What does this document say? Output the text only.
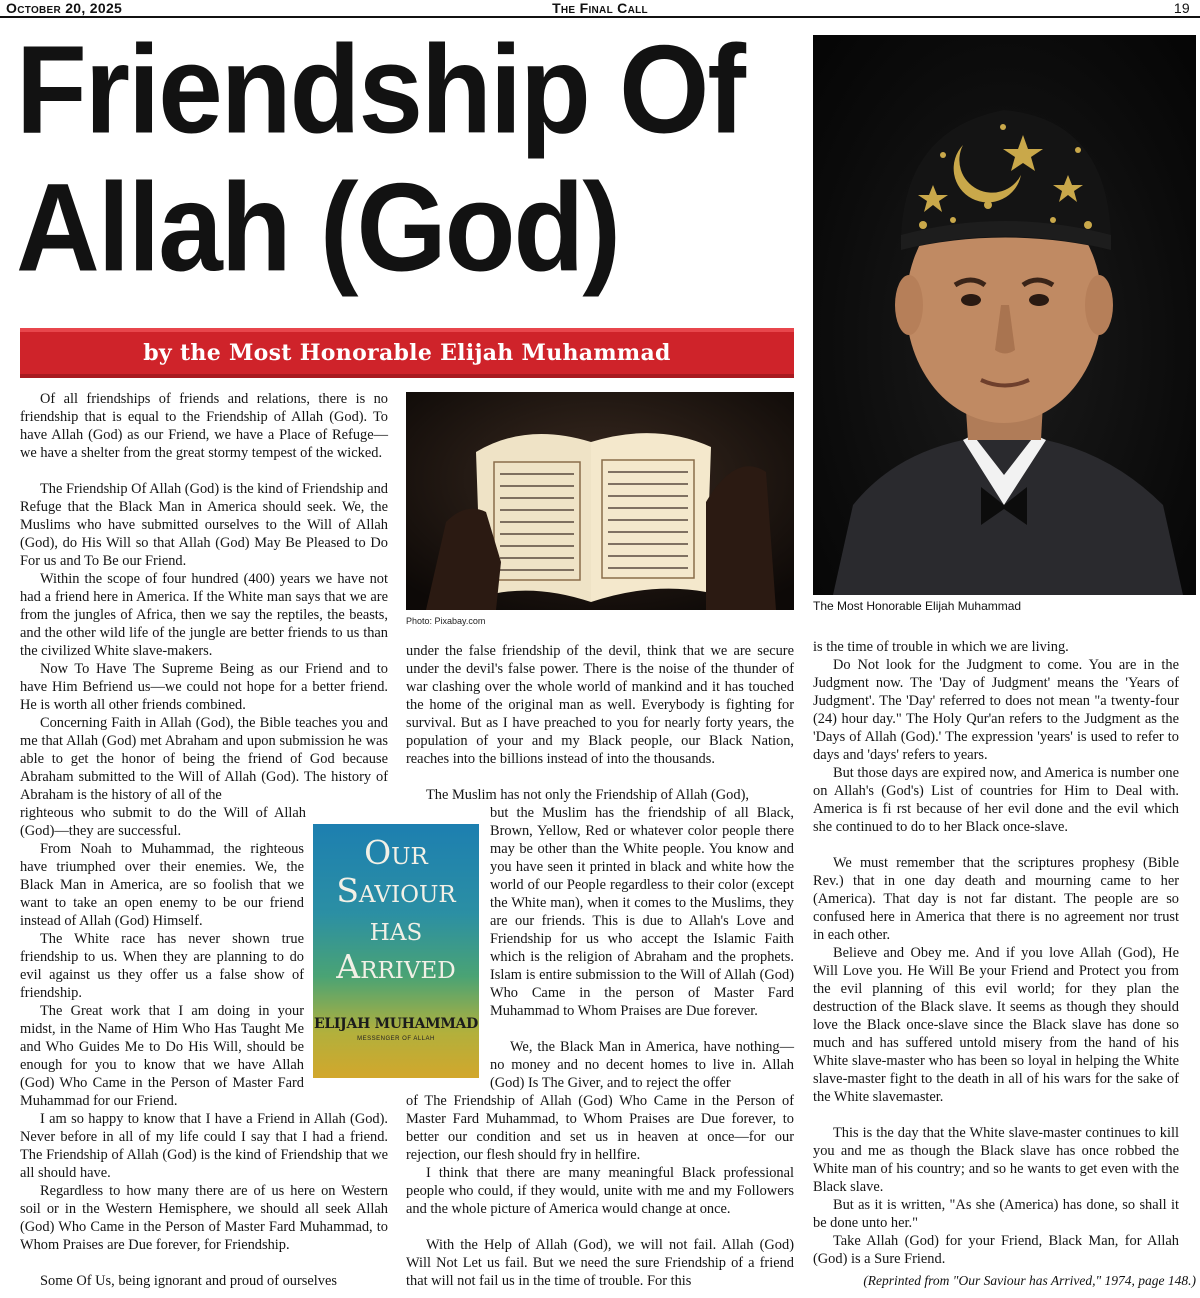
October 20, 2025	The Final Call	19
Friendship Of
Allah (God)
by the Most Honorable Elijah Muhammad
The Most Honorable Elijah Muhammad
Photo: Pixabay.com
Our
Saviour
has
Arrived
ELIJAH MUHAMMAD
MESSENGER OF ALLAH
Of all friendships of friends and relations, there is no friendship that is equal to the Friendship of Allah (God). To have Allah (God) as our Friend, we have a Place of Refuge—we have a shelter from the great stormy tempest of the wicked.
The Friendship Of Allah (God) is the kind of Friendship and Refuge that the Black Man in America should seek. We, the Muslims who have submitted ourselves to the Will of Allah (God), do His Will so that Allah (God) May Be Pleased to Do For us and To Be our Friend.
Within the scope of four hundred (400) years we have not had a friend here in America. If the White man says that we are from the jungles of Africa, then we say the reptiles, the beasts, and the other wild life of the jungle are better friends to us than the civilized White slave-makers.
Now To Have The Supreme Being as our Friend and to have Him Befriend us—we could not hope for a better friend. He is worth all other friends combined.
Concerning Faith in Allah (God), the Bible teaches you and me that Allah (God) met Abraham and upon submission he was able to get the honor of being the friend of God because Abraham submitted to the Will of Allah (God). The history of Abraham is the history of all of the
righteous who submit to do the Will of Allah (God)—they are successful.
From Noah to Muhammad, the righteous have triumphed over their enemies. We, the Black Man in America, are so foolish that we want to take an open enemy to be our friend instead of Allah (God) Himself.
The White race has never shown true friendship to us. When they are planning to do evil against us they offer us a false show of friendship.
The Great work that I am doing in your midst, in the Name of Him Who Has Taught Me and Who Guides Me to Do His Will, should be enough for you to know that we have Allah (God) Who Came in the Person of Master Fard Muhammad for our Friend.
I am so happy to know that I have a Friend in Allah (God). Never before in all of my life could I say that I had a friend. The Friendship of Allah (God) is the kind of Friendship that we all should have.
Regardless to how many there are of us here on Western soil or in the Western Hemisphere, we should all seek Allah (God) Who Came in the Person of Master Fard Muhammad, to Whom Praises are Due forever, for Friendship.
Some Of Us, being ignorant and proud of ourselves
under the false friendship of the devil, think that we are secure under the devil's false power. There is the noise of the thunder of war clashing over the whole world of mankind and it has touched the home of the original man as well. Everybody is fighting for survival. But as I have preached to you for nearly forty years, the population of your and my Black people, our Black Nation, reaches into the billions instead of into the thousands.
The Muslim has not only the Friendship of Allah (God),
but the Muslim has the friendship of all Black, Brown, Yellow, Red or whatever color people there may be other than the White people. You know and you have seen it printed in black and white how the world of our People regardless to their color (except the White man), when it comes to the Muslims, they are our friends. This is due to Allah's Love and Friendship for us who accept the Islamic Faith which is the religion of Abraham and the prophets. Islam is entire submission to the Will of Allah (God) Who Came in the person of Master Fard Muhammad to Whom Praises are Due forever.
We, the Black Man in America, have nothing—no money and no decent homes to live in. Allah (God) Is The Giver, and to reject the offer
of The Friendship of Allah (God) Who Came in the Person of Master Fard Muhammad, to Whom Praises are Due forever, to better our condition and set us in heaven at once—for our rejection, our flesh should fry in hellfire.
I think that there are many meaningful Black professional people who could, if they would, unite with me and my Followers and the whole picture of America would change at once.
With the Help of Allah (God), we will not fail. Allah (God) Will Not Let us fail. But we need the sure Friendship of a friend that will not fail us in the time of trouble. For this
is the time of trouble in which we are living.
Do Not look for the Judgment to come. You are in the Judgment now. The 'Day of Judgment' means the 'Years of Judgment'. The 'Day' referred to does not mean "a twenty-four (24) hour day." The Holy Qur'an refers to the Judgment as the 'Days of Allah (God).' The expression 'years' is used to refer to days and 'days' refers to years.
But those days are expired now, and America is number one on Allah's (God's) List of countries for Him to Deal with. America is fi rst because of her evil done and the evil which she continued to do to her Black once-slave.
We must remember that the scriptures prophesy (Bible Rev.) that in one day death and mourning came to her (America). That day is not far distant. The people are so confused here in America that there is no agreement nor trust in each other.
Believe and Obey me. And if you love Allah (God), He Will Love you. He Will Be your Friend and Protect you from the evil planning of this evil world; for they plan the destruction of the Black slave. It seems as though they should love the Black once-slave since the Black slave has done so much and has suffered untold misery from the hand of his White slave-master who has been so loyal in helping the White slave-master fight to the death in all of his wars for the sake of the White slavemaster.
This is the day that the White slave-master continues to kill you and me as though the Black slave has once robbed the White man of his country; and so he wants to get even with the Black slave.
But as it is written, "As she (America) has done, so shall it be done unto her."
Take Allah (God) for your Friend, Black Man, for Allah (God) is a Sure Friend.
(Reprinted from "Our Saviour has Arrived," 1974, page 148.)
